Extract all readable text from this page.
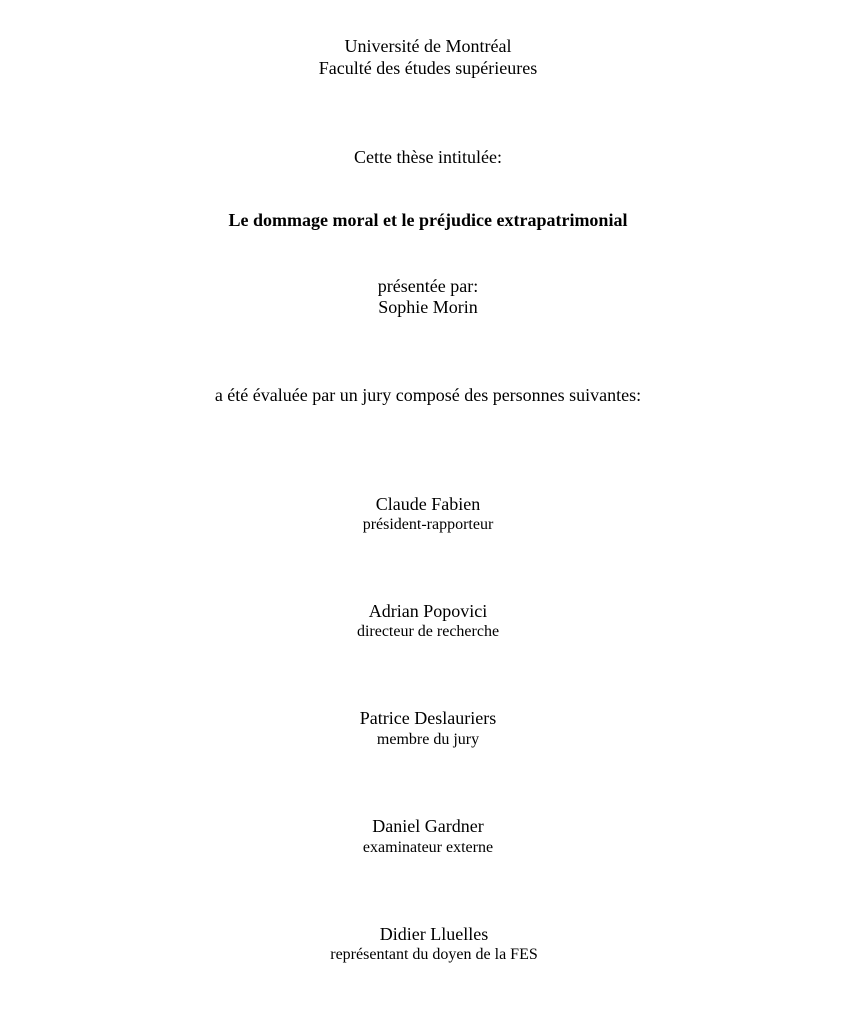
Université de Montréal
Faculté des études supérieures
Cette thèse intitulée:
Le dommage moral et le préjudice extrapatrimonial
présentée par:
Sophie Morin
a été évaluée par un jury composé des personnes suivantes:
Claude Fabien
président-rapporteur
Adrian Popovici
directeur de recherche
Patrice Deslauriers
membre du jury
Daniel Gardner
examinateur externe
Didier Lluelles
représentant du doyen de la FES
